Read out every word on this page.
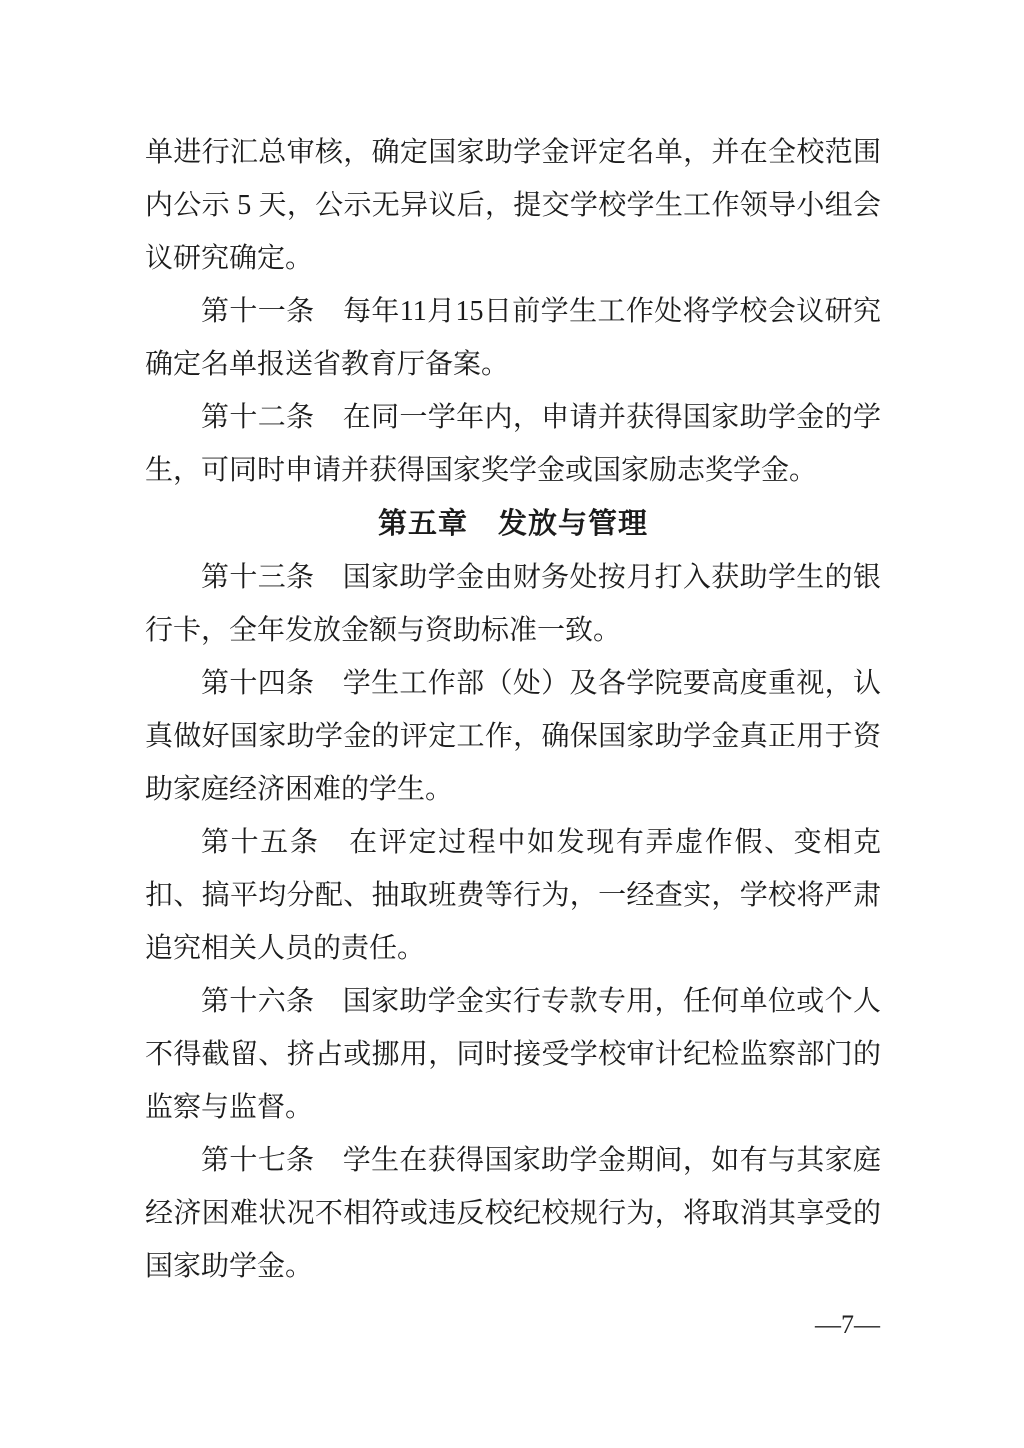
单进行汇总审核，确定国家助学金评定名单，并在全校范围内公示 5 天，公示无异议后，提交学校学生工作领导小组会议研究确定。

第十一条　每年11月15日前学生工作处将学校会议研究确定名单报送省教育厅备案。

第十二条　在同一学年内，申请并获得国家助学金的学生，可同时申请并获得国家奖学金或国家励志奖学金。

第五章　发放与管理

第十三条　国家助学金由财务处按月打入获助学生的银行卡，全年发放金额与资助标准一致。

第十四条　学生工作部（处）及各学院要高度重视，认真做好国家助学金的评定工作，确保国家助学金真正用于资助家庭经济困难的学生。

第十五条　在评定过程中如发现有弄虚作假、变相克扣、搞平均分配、抽取班费等行为，一经查实，学校将严肃追究相关人员的责任。

第十六条　国家助学金实行专款专用，任何单位或个人不得截留、挤占或挪用，同时接受学校审计纪检监察部门的监察与监督。

第十七条　学生在获得国家助学金期间，如有与其家庭经济困难状况不相符或违反校纪校规行为，将取消其享受的国家助学金。

—7—
